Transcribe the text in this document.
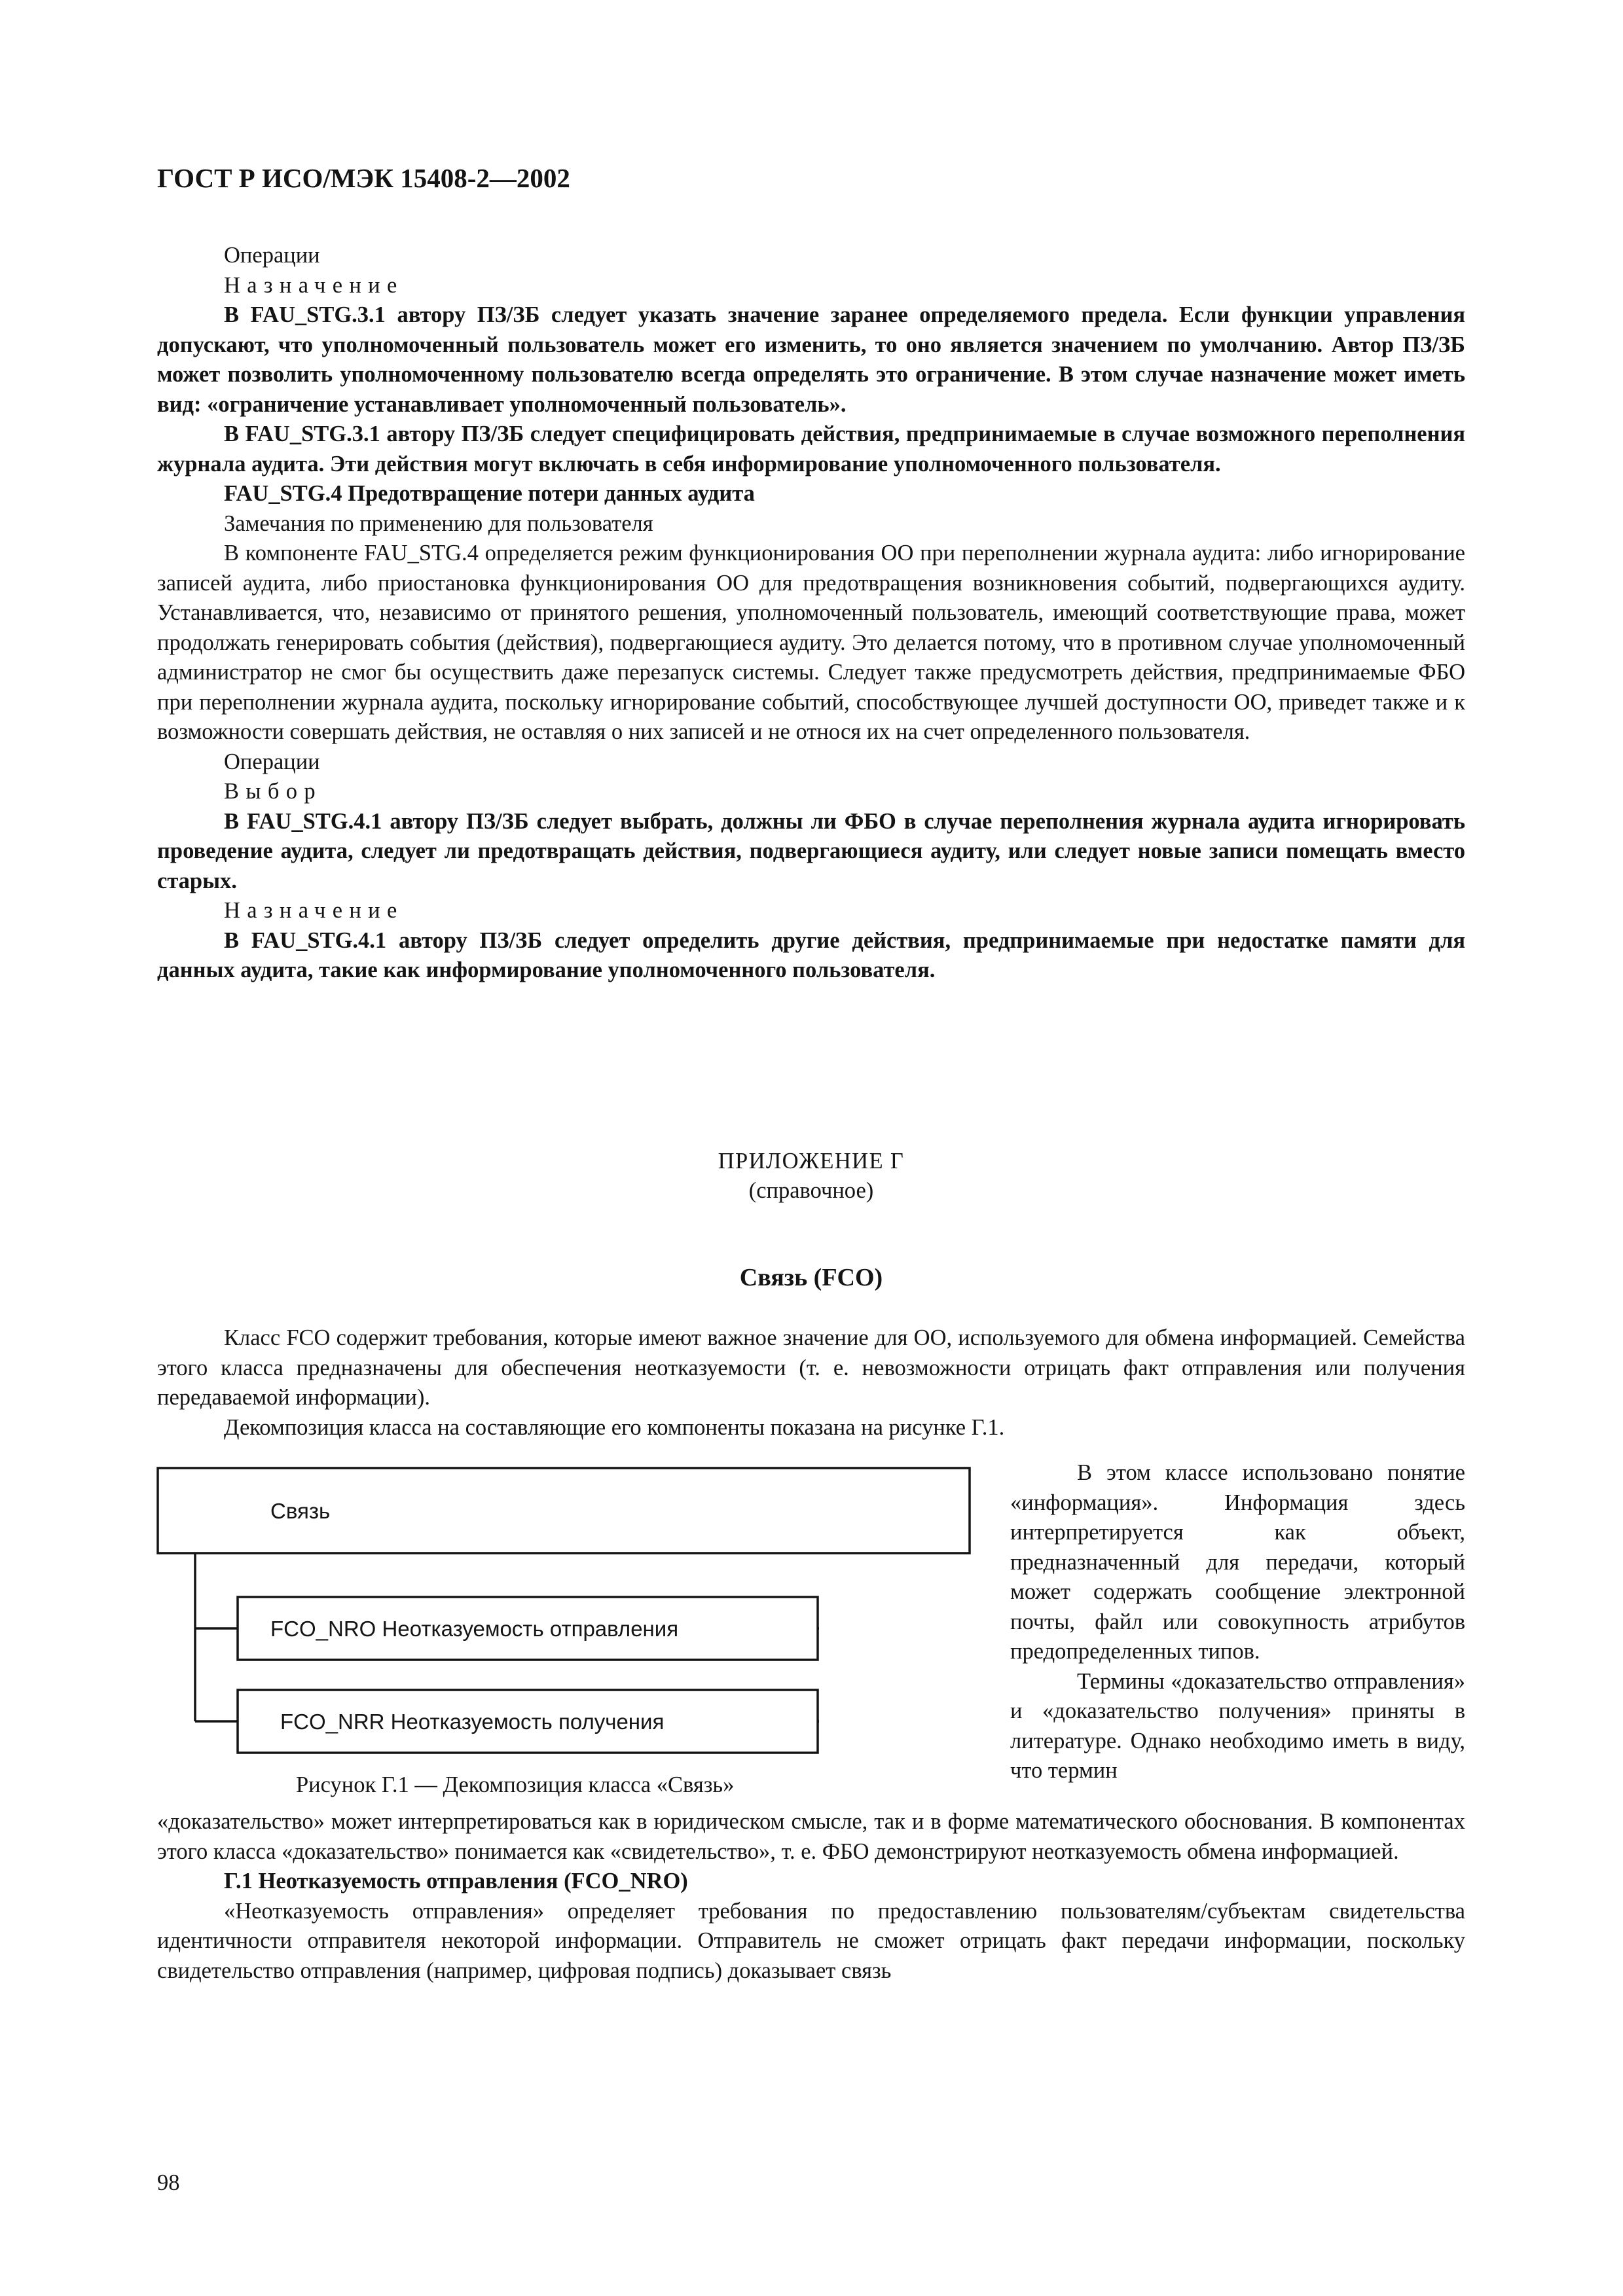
ГОСТ Р ИСО/МЭК 15408-2—2002

Операции

Назначение

В FAU_STG.3.1 автору ПЗ/ЗБ следует указать значение заранее определяемого предела. Если функции управления допускают, что уполномоченный пользователь может его изменить, то оно является значением по умолчанию. Автор ПЗ/ЗБ может позволить уполномоченному пользователю всегда определять это ограничение. В этом случае назначение может иметь вид: «ограничение устанавливает уполномоченный пользователь».

В FAU_STG.3.1 автору ПЗ/ЗБ следует специфицировать действия, предпринимаемые в случае возможного переполнения журнала аудита. Эти действия могут включать в себя информирование уполномоченного пользователя.

FAU_STG.4 Предотвращение потери данных аудита

Замечания по применению для пользователя

В компоненте FAU_STG.4 определяется режим функционирования ОО при переполнении журнала аудита: либо игнорирование записей аудита, либо приостановка функционирования ОО для предотвращения возникновения событий, подвергающихся аудиту. Устанавливается, что, независимо от принятого решения, уполномоченный пользователь, имеющий соответствующие права, может продолжать генерировать события (действия), подвергающиеся аудиту. Это делается потому, что в противном случае уполномоченный администратор не смог бы осуществить даже перезапуск системы. Следует также предусмотреть действия, предпринимаемые ФБО при переполнении журнала аудита, поскольку игнорирование событий, способствующее лучшей доступности ОО, приведет также и к возможности совершать действия, не оставляя о них записей и не относя их на счет определенного пользователя.

Операции

Выбор

В FAU_STG.4.1 автору ПЗ/ЗБ следует выбрать, должны ли ФБО в случае переполнения журнала аудита игнорировать проведение аудита, следует ли предотвращать действия, подвергающиеся аудиту, или следует новые записи помещать вместо старых.

Назначение

В FAU_STG.4.1 автору ПЗ/ЗБ следует определить другие действия, предпринимаемые при недостатке памяти для данных аудита, такие как информирование уполномоченного пользователя.

ПРИЛОЖЕНИЕ Г
(справочное)
Связь (FCO)

Класс FCO содержит требования, которые имеют важное значение для ОО, используемого для обмена информацией. Семейства этого класса предназначены для обеспечения неотказуемости (т. е. невозможности отрицать факт отправления или получения передаваемой информации).

Декомпозиция класса на составляющие его компоненты показана на рисунке Г.1.

Связь
FCO_NRO Неотказуемость отправления
FCO_NRR Неотказуемость получения

В этом классе использовано понятие «информация». Информация здесь интерпретируется как объект, предназначенный для передачи, который может содержать сообщение электронной почты, файл или совокупность атрибутов предопределенных типов.

Термины «доказательство отправления» и «доказательство получения» приняты в литературе. Однако необходимо иметь в виду, что термин

Рисунок Г.1 — Декомпозиция класса «Связь»

«доказательство» может интерпретироваться как в юридическом смысле, так и в форме математического обоснования. В компонентах этого класса «доказательство» понимается как «свидетельство», т. е. ФБО демонстрируют неотказуемость обмена информацией.

Г.1 Неотказуемость отправления (FCO_NRO)

«Неотказуемость отправления» определяет требования по предоставлению пользователям/субъектам свидетельства идентичности отправителя некоторой информации. Отправитель не сможет отрицать факт передачи информации, поскольку свидетельство отправления (например, цифровая подпись) доказывает связь

98
